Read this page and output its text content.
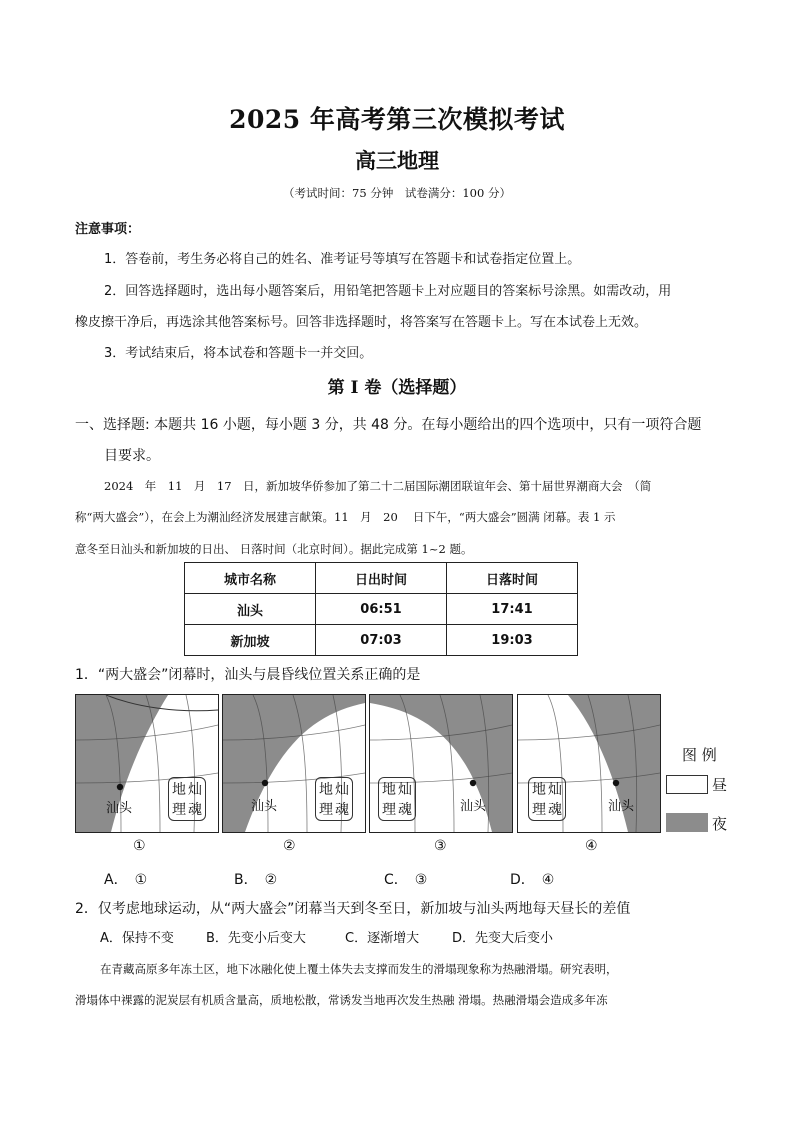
2025 年高考第三次模拟考试
高三地理
（考试时间：75 分钟　试卷满分：100 分）
注意事项：
1．答卷前，考生务必将自己的姓名、准考证号等填写在答题卡和试卷指定位置上。
2．回答选择题时，选出每小题答案后，用铅笔把答题卡上对应题目的答案标号涂黑。如需改动，用
橡皮擦干净后，再选涂其他答案标号。回答非选择题时，将答案写在答题卡上。写在本试卷上无效。
3．考试结束后，将本试卷和答题卡一并交回。
第 I 卷（选择题）
一、选择题: 本题共 16 小题，每小题 3 分，共 48 分。在每小题给出的四个选项中，只有一项符合题
目要求。
2024　年　11　月　17　日，新加坡华侨参加了第二十二届国际潮团联谊年会、第十届世界潮商大会　（简
称“两大盛会”），在会上为潮汕经济发展建言献策。11　月　20　 日下午，“两大盛会”圆满 闭幕。表 1 示
意冬至日汕头和新加坡的日出、 日落时间（北京时间）。据此完成第 1~2 题。
城市名称	日出时间	日落时间
汕头	06:51	17:41
新加坡	07:03	19:03
1．“两大盛会”闭幕时，汕头与晨昏线位置关系正确的是
汕头
地
理
灿
魂	汕头
地
理
灿
魂	汕头
地
理
灿
魂	汕头
地
理
灿
魂
图 例
昼
夜
①	②	③	④
A．　①	B．　②	C．　③	D．　④
2．仅考虑地球运动，从“两大盛会”闭幕当天到冬至日，新加坡与汕头两地每天昼长的差值
A．保持不变 B．先变小后变大	C．逐渐增大	D．先变大后变小
在青藏高原多年冻土区，地下冰融化使上覆土体失去支撑而发生的滑塌现象称为热融滑塌。研究表明，
滑塌体中裸露的泥炭层有机质含量高，质地松散，常诱发当地再次发生热融 滑塌。热融滑塌会造成多年冻
